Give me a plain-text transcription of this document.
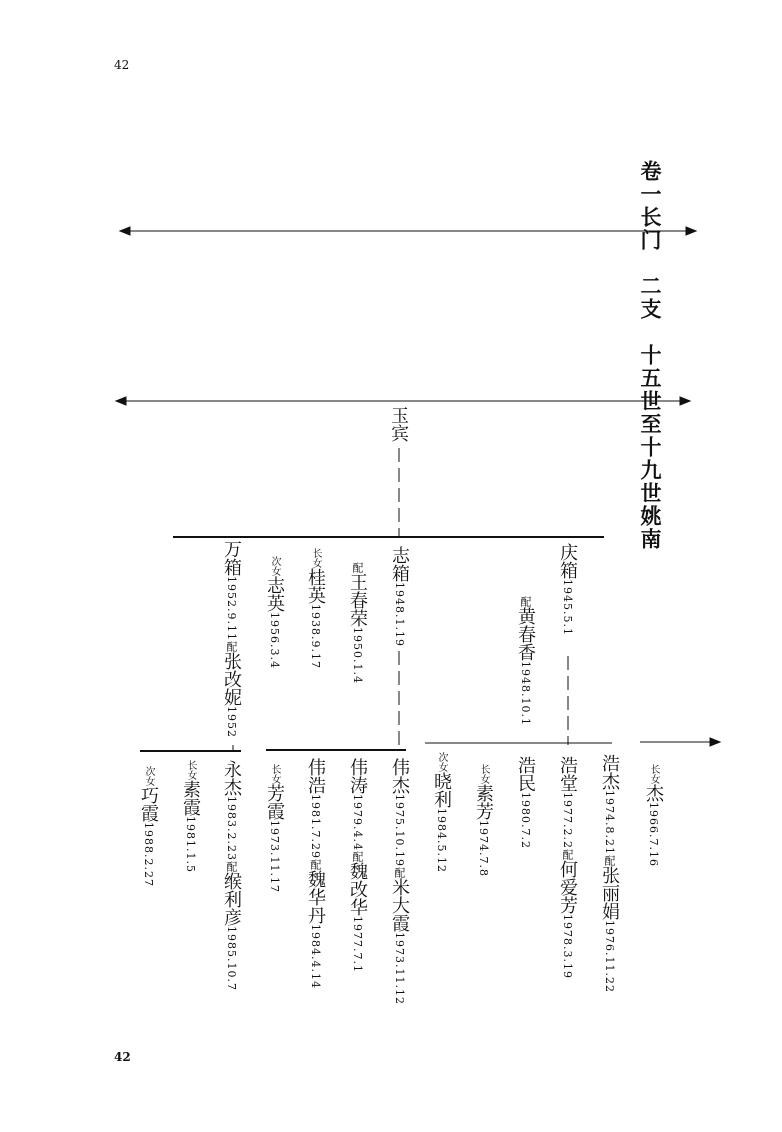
42
42
卷一长门　二支　十五世至十九世姚南
玉宾
万箱1952.9.11配张改妮1952
次女志英1956.3.4
长女桂英1938.9.17
配王春荣1950.1.4
志箱1948.1.19
庆箱1945.5.1
配黄春香1948.10.1
次女巧霞1988.2.27
长女素霞1981.1.5
永杰1983.2.23配缑利彦1985.10.7
长女芳霞1973.11.17
伟浩1981.7.29配魏华丹1984.4.14
伟涛1979.4.4配魏改华1977.7.1
伟杰1975.10.19配米大霞1973.11.12
次女晓利1984.5.12
长女素芳1974.7.8
浩民1980.7.2
浩堂1977.2.2配何爱芳1978.3.19
浩杰1974.8.21配张丽娟1976.11.22
长女杰1966.7.16
